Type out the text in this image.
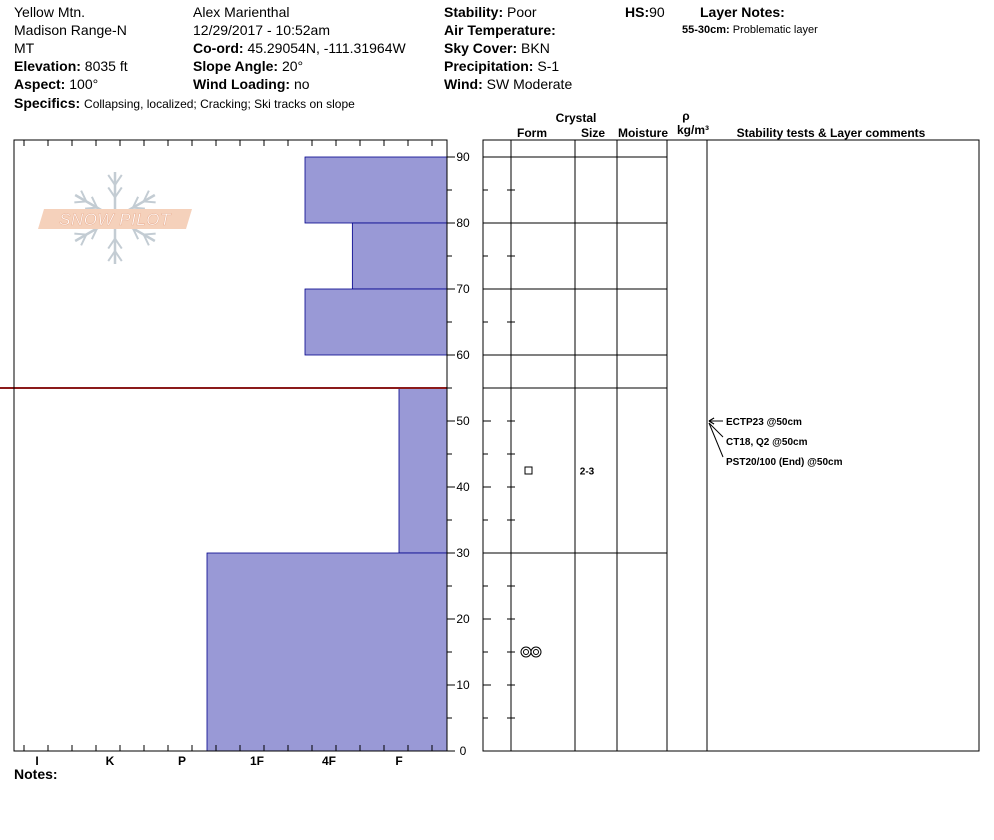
Yellow Mtn.
Madison Range-N
MT
Elevation: 8035 ft
Aspect: 100°
Specifics: Collapsing, localized; Cracking; Ski tracks on slope
Alex Marienthal
12/29/2017 - 10:52am
Co-ord: 45.29054N, -111.31964W
Slope Angle: 20°
Wind Loading: no
Stability: Poor
Air Temperature:
Sky Cover: BKN
Precipitation: S-1
Wind: SW Moderate
HS:90	Layer Notes:
55-30cm: Problematic layer
Notes:
0
10
20
30
40
50
60
70
80
90
I	K	P	1F	4F	F
Crystal
Form	Size Moisture
ρ
kg/m³ Stability tests & Layer comments
2-3
ECTP23 @50cm
CT18, Q2 @50cm
PST20/100 (End) @50cm
SNOW PILOT
